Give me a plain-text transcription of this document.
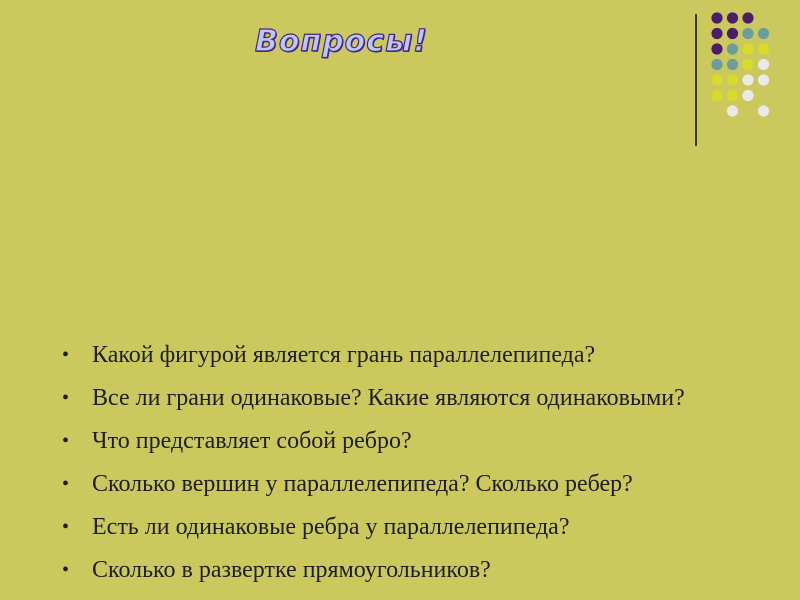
Вопросы!
• Какой фигурой является грань параллелепипеда?
• Все ли грани одинаковые? Какие являются одинаковыми?
• Что представляет собой ребро?
• Сколько вершин у параллелепипеда? Сколько ребер?
• Есть ли одинаковые ребра у параллелепипеда?
• Сколько в развертке прямоугольников?
